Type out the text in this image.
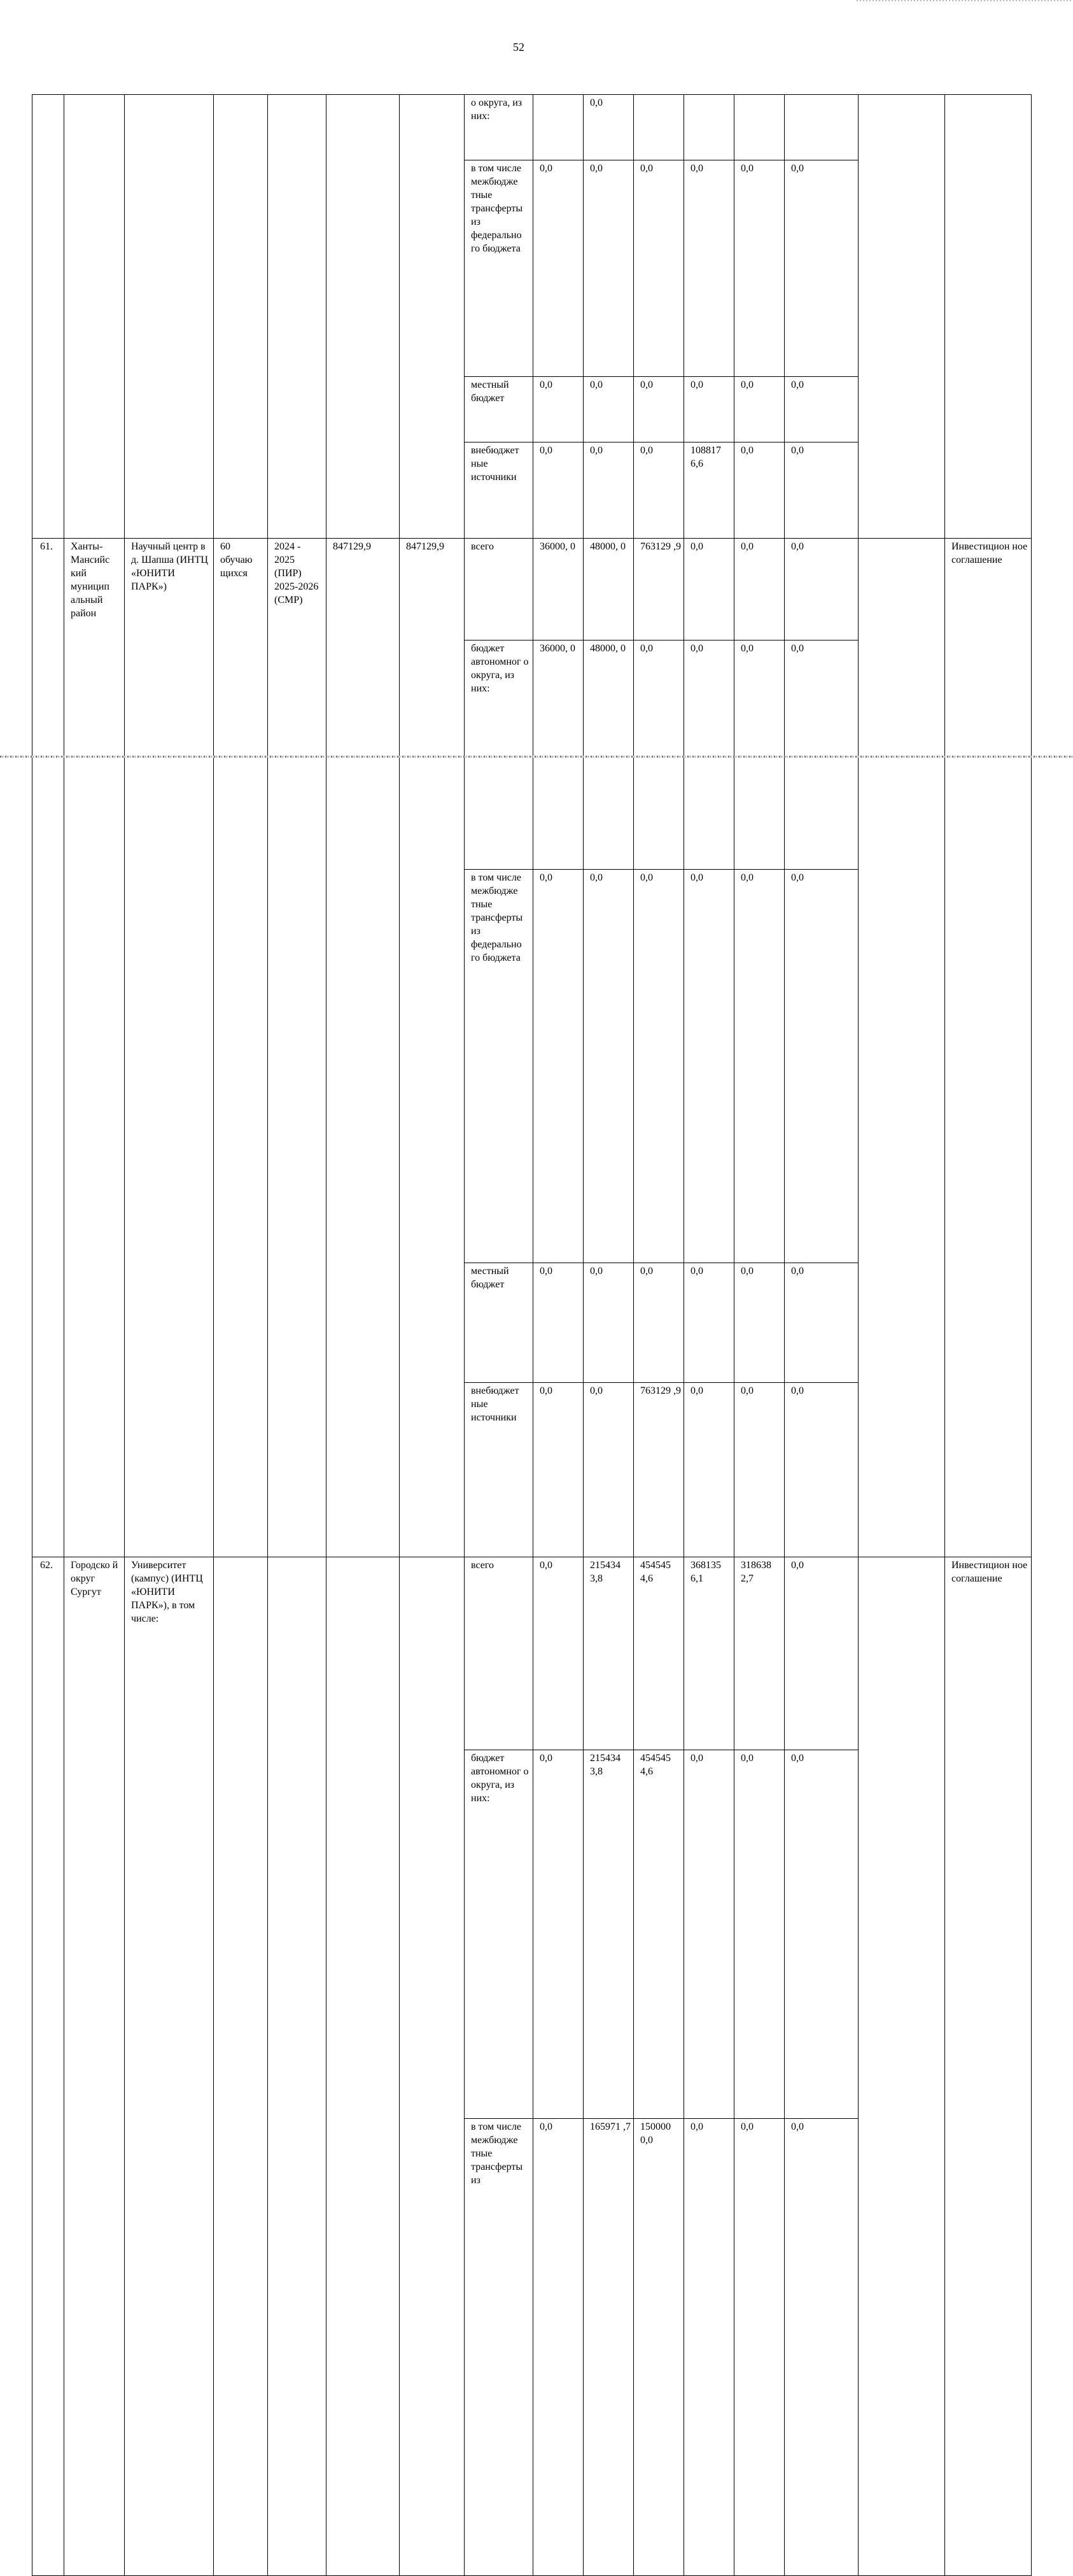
52
							о округа, из них:		0,0							
							в том числе межбюдже тные трансферты из федерально го бюджета	0,0	0,0	0,0	0,0	0,0	0,0			
							местный бюджет	0,0	0,0	0,0	0,0	0,0	0,0			
							внебюджет ные источники	0,0	0,0	0,0	108817 6,6	0,0	0,0			
61.	Ханты-Мансийс кий муницип альный район	Научный центр в д. Шапша (ИНТЦ «ЮНИТИ ПАРК»)	60 обучаю щихся	2024 - 2025 (ПИР) 2025-2026 (СМР)	847129,9	847129,9	всего	36000, 0	48000, 0	763129 ,9	0,0	0,0	0,0		Инвестицион ное соглашение	
							бюджет автономног о округа, из них:	36000, 0	48000, 0	0,0	0,0	0,0	0,0			
							в том числе межбюдже тные трансферты из федерально го бюджета	0,0	0,0	0,0	0,0	0,0	0,0			
							местный бюджет	0,0	0,0	0,0	0,0	0,0	0,0			
							внебюджет ные источники	0,0	0,0	763129 ,9	0,0	0,0	0,0			
62.	Городско й округ Сургут	Университет (кампус) (ИНТЦ «ЮНИТИ ПАРК»), в том числе:					всего	0,0	215434 3,8	454545 4,6	368135 6,1	318638 2,7	0,0		Инвестицион ное соглашение	
							бюджет автономног о округа, из них:	0,0	215434 3,8	454545 4,6	0,0	0,0	0,0			
							в том числе межбюдже тные трансферты из	0,0	165971 ,7	150000 0,0	0,0	0,0	0,0			
